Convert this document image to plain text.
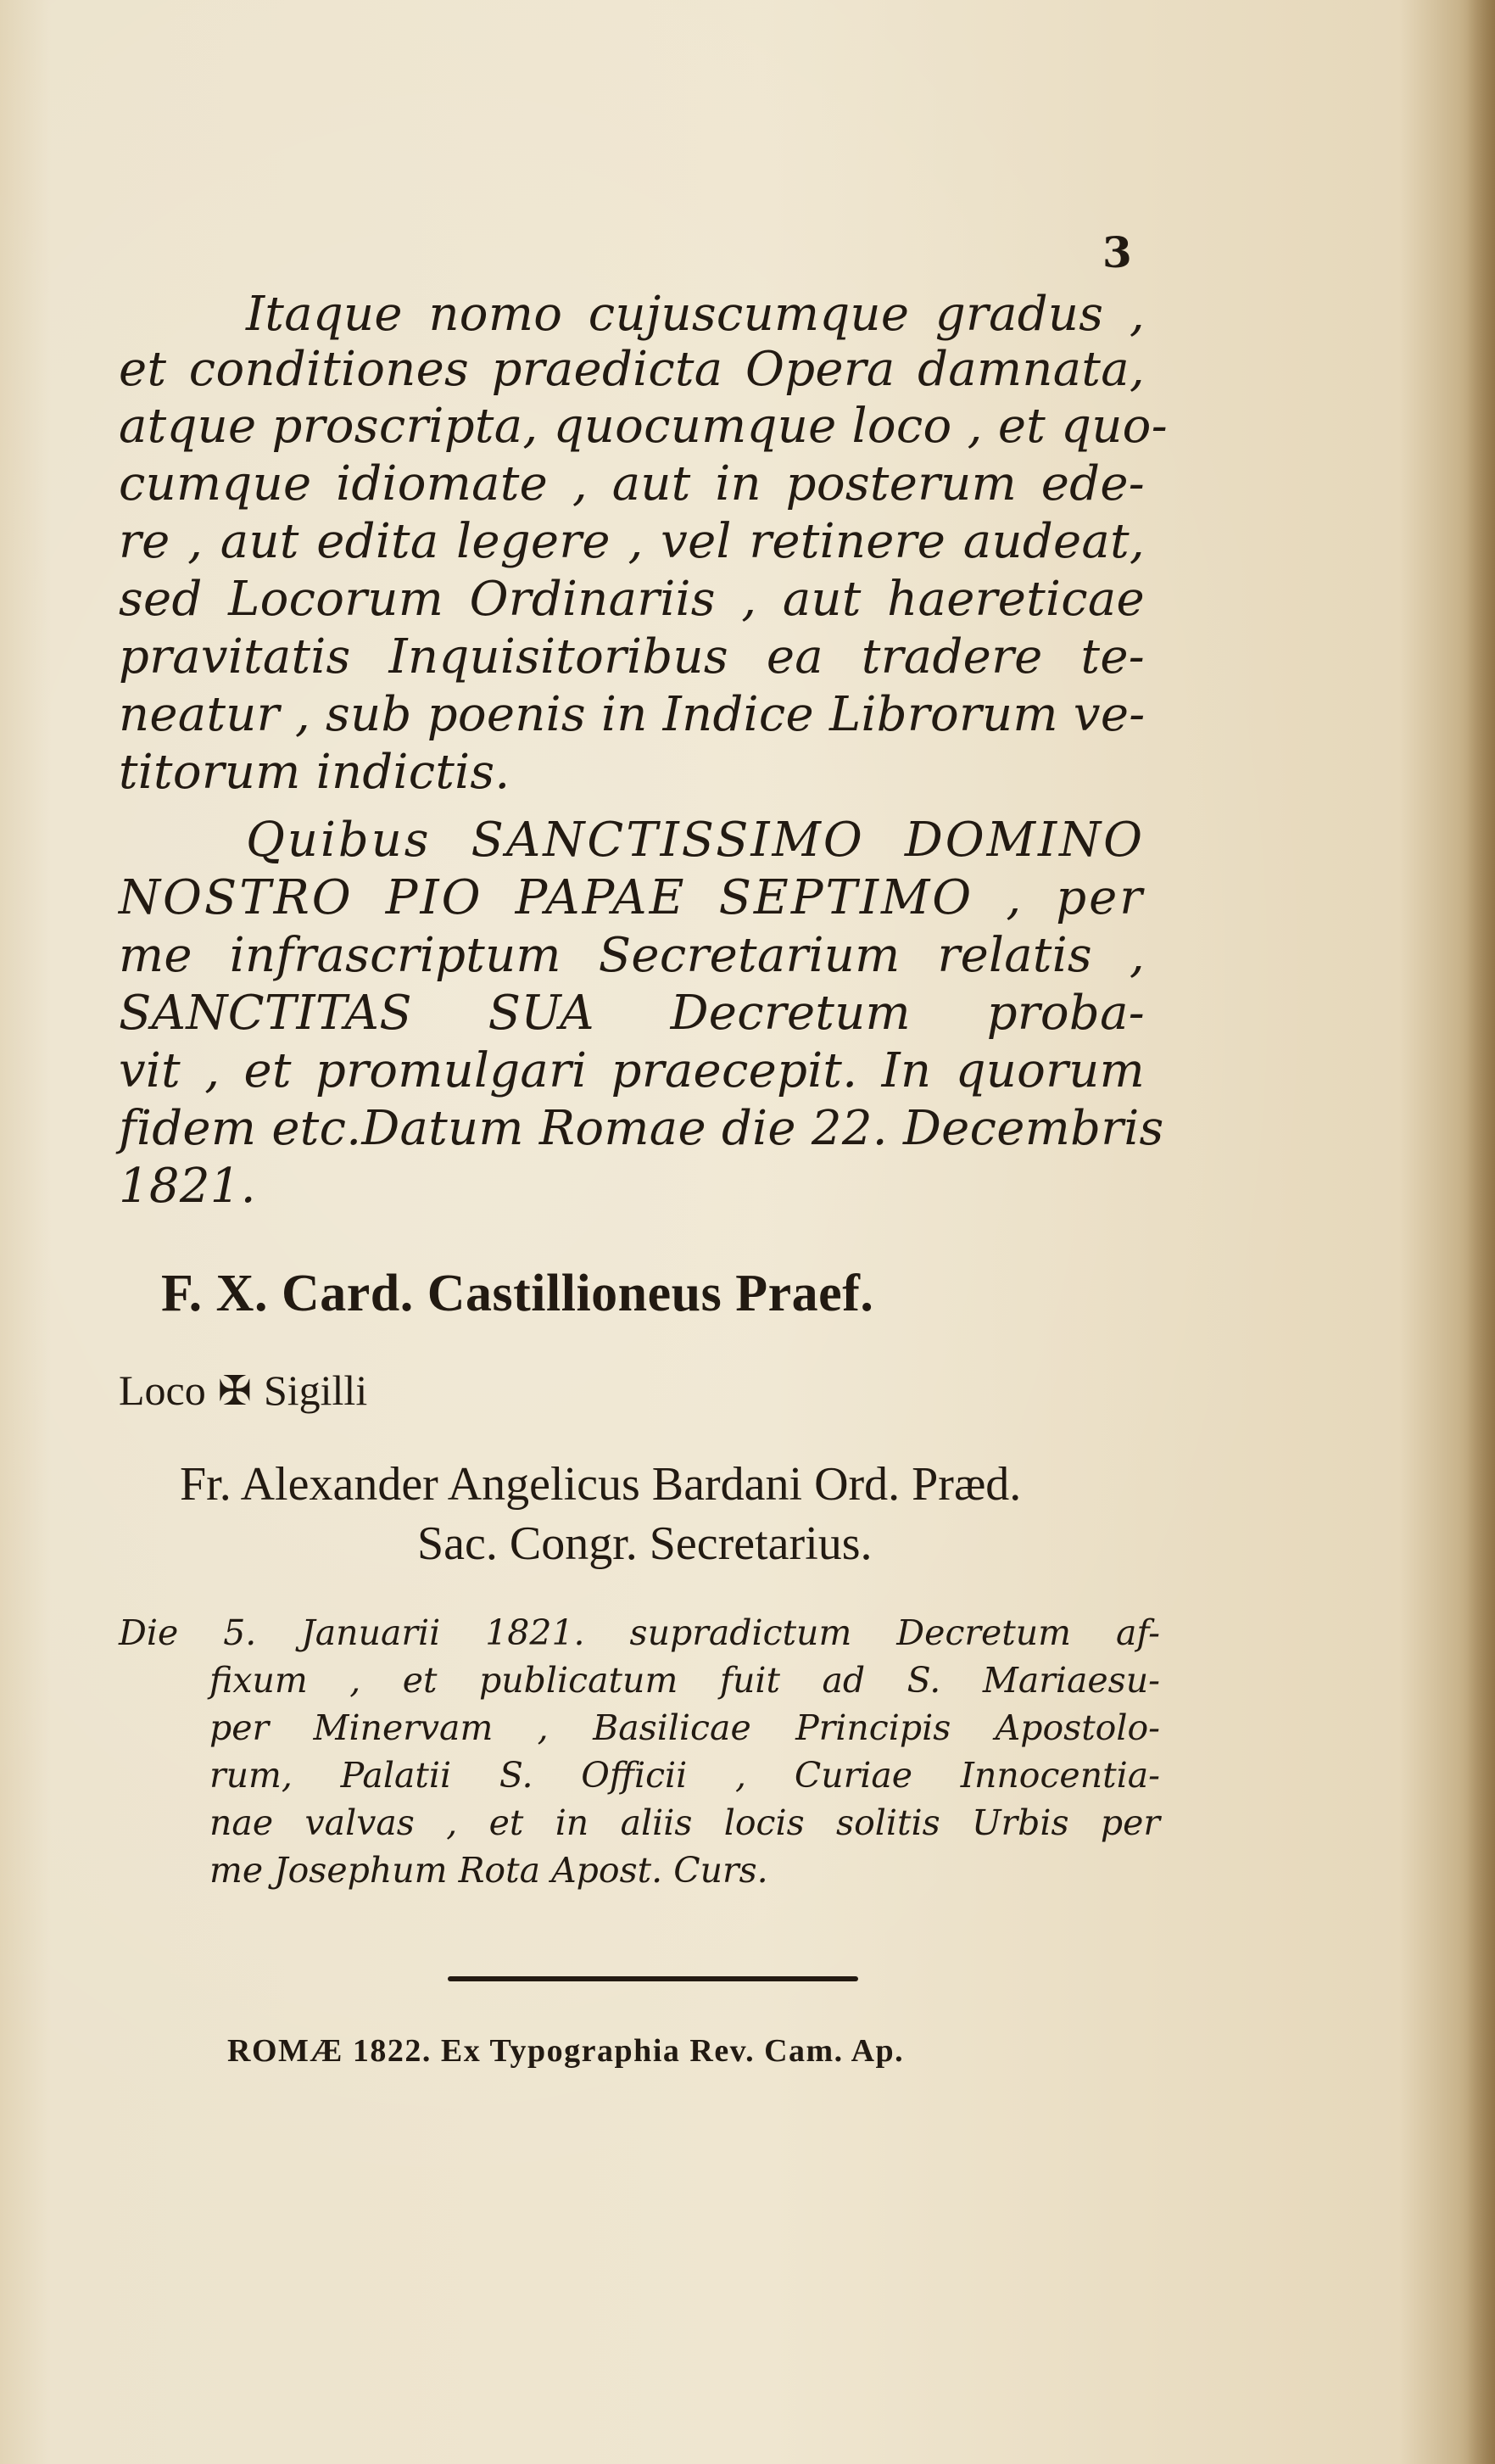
3

Itaque nomo cujuscumque gradus ,

et conditiones praedicta Opera damnata,

atque proscripta, quocumque loco , et quo-

cumque idiomate , aut in posterum ede-

re , aut edita legere , vel retinere audeat,

sed Locorum Ordinariis , aut haereticae

pravitatis Inquisitoribus ea tradere te-

neatur , sub poenis in Indice Librorum ve-

titorum indictis.

Quibus SANCTISSIMO DOMINO

NOSTRO PIO PAPAE SEPTIMO , per

me infrascriptum Secretarium relatis ,

SANCTITAS SUA Decretum proba-

vit , et promulgari praecepit. In quorum

fidem etc.Datum Romae die 22. Decembris

1821.

F. X. Card. Castillioneus Praef.
Loco ✠ Sigilli
Fr. Alexander Angelicus Bardani Ord. Præd.
Sac. Congr. Secretarius.

Die 5. Januarii 1821. supradictum Decretum af-

fixum , et publicatum fuit ad S. Mariaesu-

per Minervam , Basilicae Principis Apostolo-

rum, Palatii S. Officii , Curiae Innocentia-

nae valvas , et in aliis locis solitis Urbis per

me Josephum Rota Apost. Curs.

ROMÆ 1822. Ex Typographia Rev. Cam. Ap.
